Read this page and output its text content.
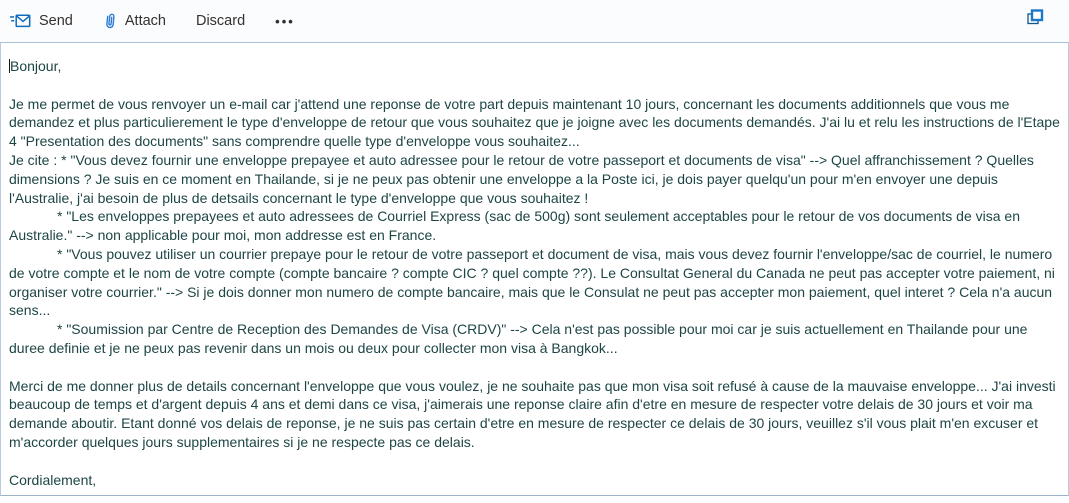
Send	Attach Discard •••
Bonjour,
Je me permet de vous renvoyer un e-mail car j'attend une reponse de votre part depuis maintenant 10 jours, concernant les documents additionnels que vous me demandez et plus particulierement le type d'enveloppe de retour que vous souhaitez que je joigne avec les documents demandés. J'ai lu et relu les instructions de l'Etape 4 "Presentation des documents" sans comprendre quelle type d'enveloppe vous souhaitez...
Je cite : * "Vous devez fournir une enveloppe prepayee et auto adressee pour le retour de votre passeport et documents de visa" --> Quel affranchissement ? Quelles dimensions ? Je suis en ce moment en Thailande, si je ne peux pas obtenir une enveloppe a la Poste ici, je dois payer quelqu'un pour m'en envoyer une depuis l'Australie, j'ai besoin de plus de detsails concernant le type d'enveloppe que vous souhaitez !
* "Les enveloppes prepayees et auto adressees de Courriel Express (sac de 500g) sont seulement acceptables pour le retour de vos documents de visa en Australie." --> non applicable pour moi, mon addresse est en France.
* "Vous pouvez utiliser un courrier prepaye pour le retour de votre passeport et document de visa, mais vous devez fournir l'enveloppe/sac de courriel, le numero de votre compte et le nom de votre compte (compte bancaire ? compte CIC ? quel compte ??). Le Consultat General du Canada ne peut pas accepter votre paiement, ni organiser votre courrier." --> Si je dois donner mon numero de compte bancaire, mais que le Consulat ne peut pas accepter mon paiement, quel interet ? Cela n'a aucun sens...
* "Soumission par Centre de Reception des Demandes de Visa (CRDV)" --> Cela n'est pas possible pour moi car je suis actuellement en Thailande pour une duree definie et je ne peux pas revenir dans un mois ou deux pour collecter mon visa à Bangkok...
Merci de me donner plus de details concernant l'enveloppe que vous voulez, je ne souhaite pas que mon visa soit refusé à cause de la mauvaise enveloppe... J'ai investi beaucoup de temps et d'argent depuis 4 ans et demi dans ce visa, j'aimerais une reponse claire afin d'etre en mesure de respecter votre delais de 30 jours et voir ma demande aboutir. Etant donné vos delais de reponse, je ne suis pas certain d'etre en mesure de respecter ce delais de 30 jours, veuillez s'il vous plait m'en excuser et m'accorder quelques jours supplementaires si je ne respecte pas ce delais.
Cordialement,
